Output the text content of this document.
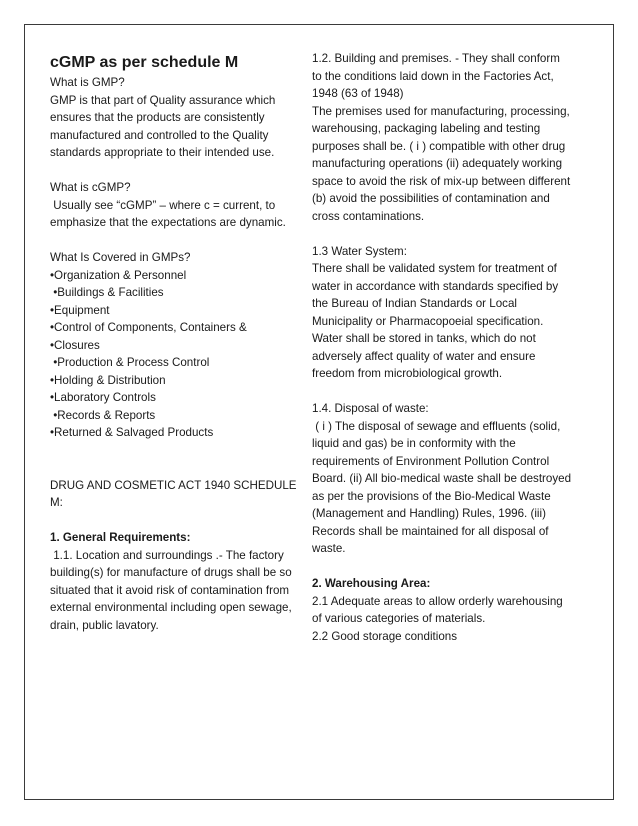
cGMP as per schedule M

What is GMP?

GMP is that part of Quality assurance which ensures that the products are consistently manufactured and controlled to the Quality standards appropriate to their intended use.

What is cGMP?

Usually see “cGMP” – where c = current, to emphasize that the expectations are dynamic.

What Is Covered in GMPs?

•Organization & Personnel

•Buildings & Facilities

•Equipment

•Control of Components, Containers &

•Closures

•Production & Process Control

•Holding & Distribution

•Laboratory Controls

•Records & Reports

•Returned & Salvaged Products

DRUG AND COSMETIC ACT 1940 SCHEDULE M:

1. General Requirements:

1.1. Location and surroundings .- The factory building(s) for manufacture of drugs shall be so situated that it avoid risk of contamination from external environmental including open sewage, drain, public lavatory.

1.2. Building and premises. - They shall conform to the conditions laid down in the Factories Act, 1948 (63 of 1948)

The premises used for manufacturing, processing, warehousing, packaging labeling and testing purposes shall be. ( i ) compatible with other drug manufacturing operations (ii) adequately working space to avoid the risk of mix-up between different (b) avoid the possibilities of contamination and cross contaminations.

1.3 Water System:

There shall be validated system for treatment of water in accordance with standards specified by the Bureau of Indian Standards or Local Municipality or Pharmacopoeial specification. Water shall be stored in tanks, which do not adversely affect quality of water and ensure freedom from microbiological growth.

1.4. Disposal of waste:

( i ) The disposal of sewage and effluents (solid, liquid and gas) be in conformity with the requirements of Environment Pollution Control Board. (ii) All bio-medical waste shall be destroyed as per the provisions of the Bio-Medical Waste (Management and Handling) Rules, 1996. (iii) Records shall be maintained for all disposal of waste.

2. Warehousing Area:

2.1 Adequate areas to allow orderly warehousing of various categories of materials.

2.2 Good storage conditions
